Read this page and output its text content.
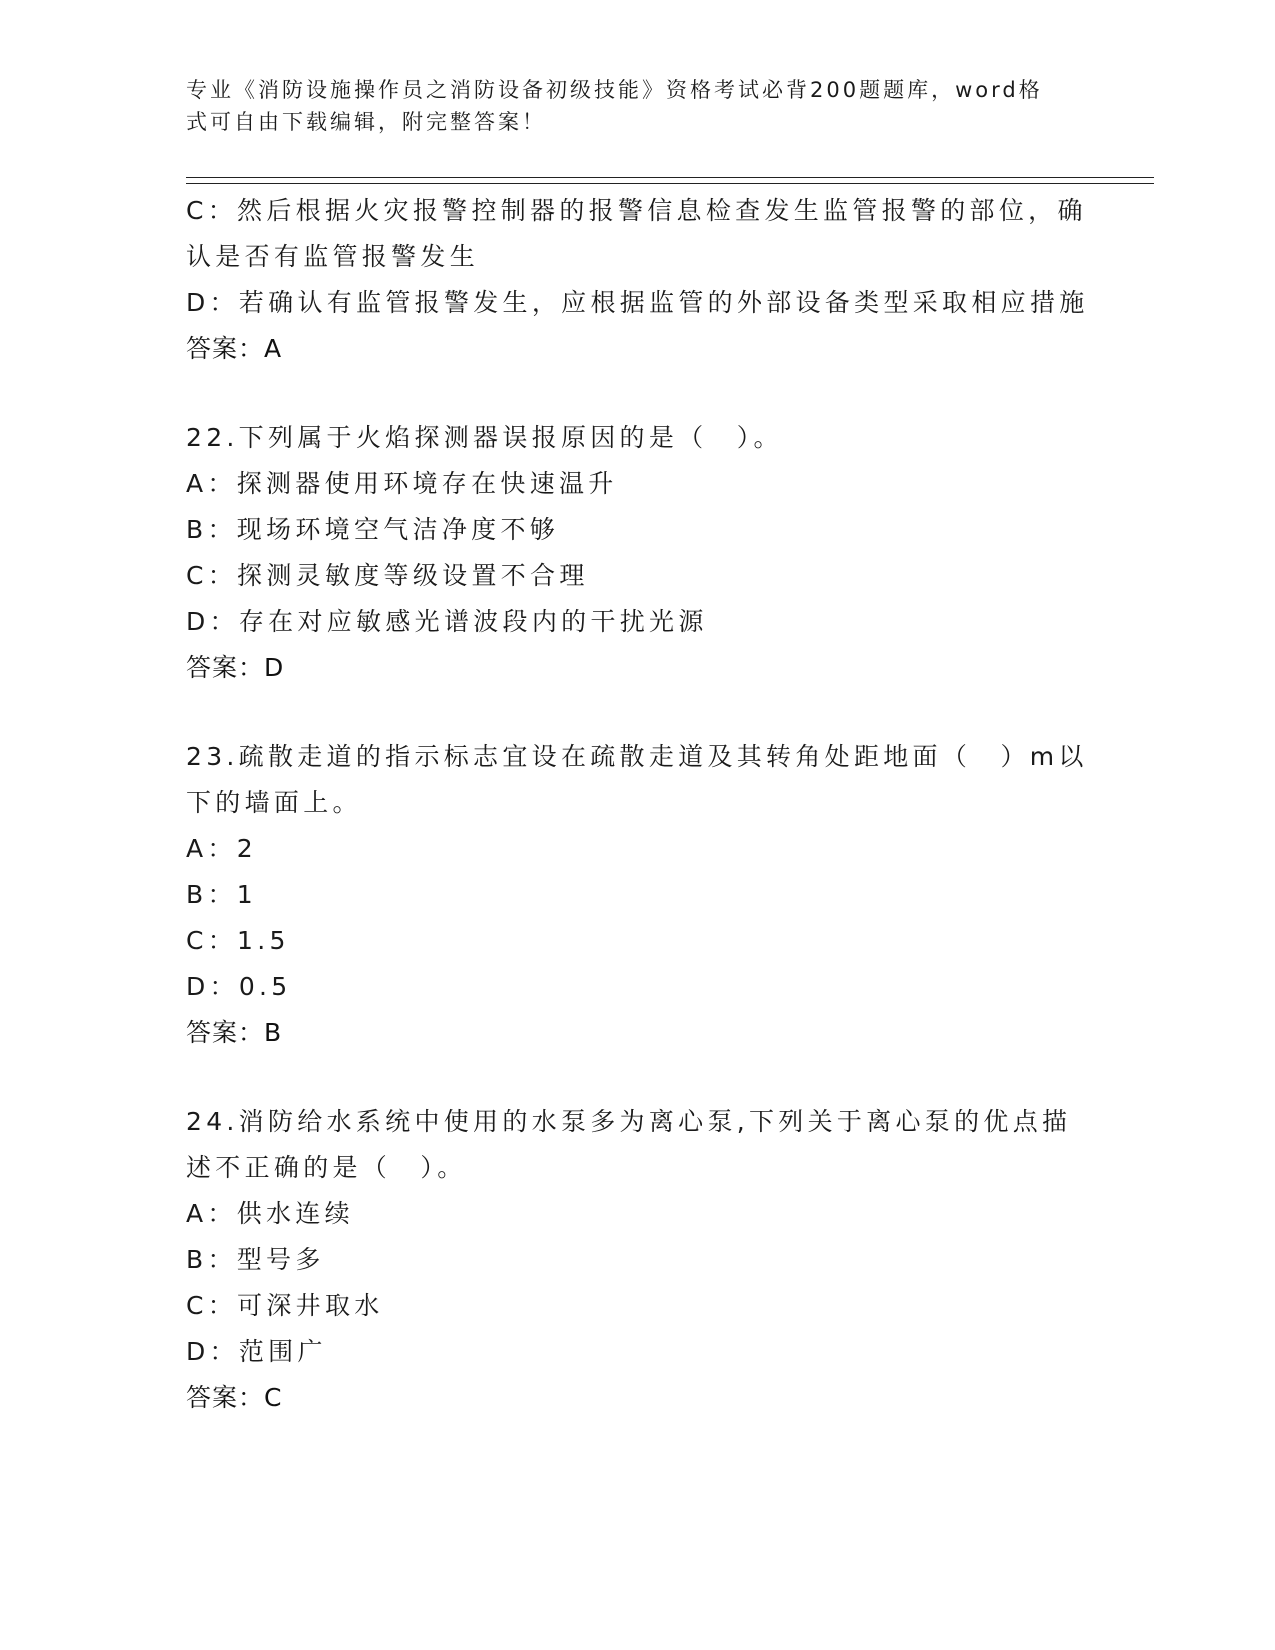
专业《消防设施操作员之消防设备初级技能》资格考试必背200题题库，word格
式可自由下载编辑，附完整答案！
C：然后根据火灾报警控制器的报警信息检查发生监管报警的部位，确
认是否有监管报警发生
D：若确认有监管报警发生，应根据监管的外部设备类型采取相应措施
答案：A
22.下列属于火焰探测器误报原因的是（　）。
A：探测器使用环境存在快速温升
B：现场环境空气洁净度不够
C：探测灵敏度等级设置不合理
D：存在对应敏感光谱波段内的干扰光源
答案：D
23.疏散走道的指示标志宜设在疏散走道及其转角处距地面（　）m以
下的墙面上。
A：2
B：1
C：1.5
D：0.5
答案：B
24.消防给水系统中使用的水泵多为离心泵,下列关于离心泵的优点描
述不正确的是（　）。
A：供水连续
B：型号多
C：可深井取水
D：范围广
答案：C
